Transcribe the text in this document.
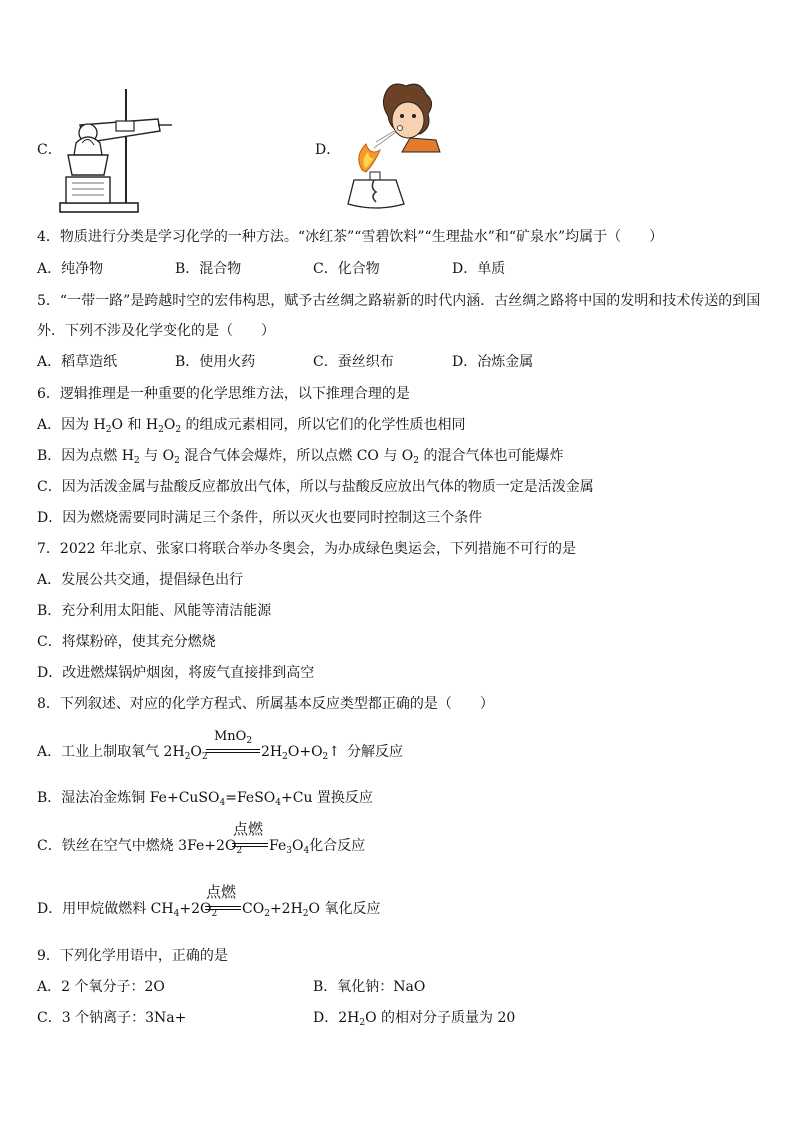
C．	D．
4．物质进行分类是学习化学的一种方法。“冰红茶”“雪碧饮料”“生理盐水”和“矿泉水”均属于（　　）
A．纯净物	B．混合物	C．化合物	D．单质
5．“一带一路”是跨越时空的宏伟构思，赋予古丝绸之路崭新的时代内涵．古丝绸之路将中国的发明和技术传送的到国
外．下列不涉及化学变化的是（　　）
A．稻草造纸	B．使用火药	C．蚕丝织布	D．冶炼金属
6．逻辑推理是一种重要的化学思维方法，以下推理合理的是
A．因为 $H_2O$ 和 $H_2O_2$ 的组成元素相同，所以它们的化学性质也相同
B．因为点燃 $H_2$ 与 $O_2$ 混合气体会爆炸，所以点燃 CO 与 $O_2$ 的混合气体也可能爆炸
C．因为活泼金属与盐酸反应都放出气体，所以与盐酸反应放出气体的物质一定是活泼金属
D．因为燃烧需要同时满足三个条件，所以灭火也要同时控制这三个条件
7．2022 年北京、张家口将联合举办冬奥会，为办成绿色奥运会，下列措施不可行的是
A．发展公共交通，提倡绿色出行
B．充分利用太阳能、风能等清洁能源
C．将煤粉碎，使其充分燃烧
D．改进燃煤锅炉烟囱，将废气直接排到高空
8．下列叙述、对应的化学方程式、所属基本反应类型都正确的是（　　）
A．工业上制取氧气 $2H_2O_2$
MnO$_2$
$2H_2O+O_2↑$ 分解反应
B．湿法冶金炼铜 Fe+CuSO$_4$=FeSO$_4$+Cu 置换反应
C．铁丝在空气中燃烧 $3Fe+2O_2$
点燃
$Fe_3O_4$化合反应
D．用甲烷做燃料 $CH_4+2O_2$
点燃
$CO_2+2H_2O$ 氧化反应
9．下列化学用语中，正确的是
A．2 个氧分子：2O	B．氧化钠：NaO
C．3 个钠离子：3Na+	D．$2H_2O$ 的相对分子质量为 20
